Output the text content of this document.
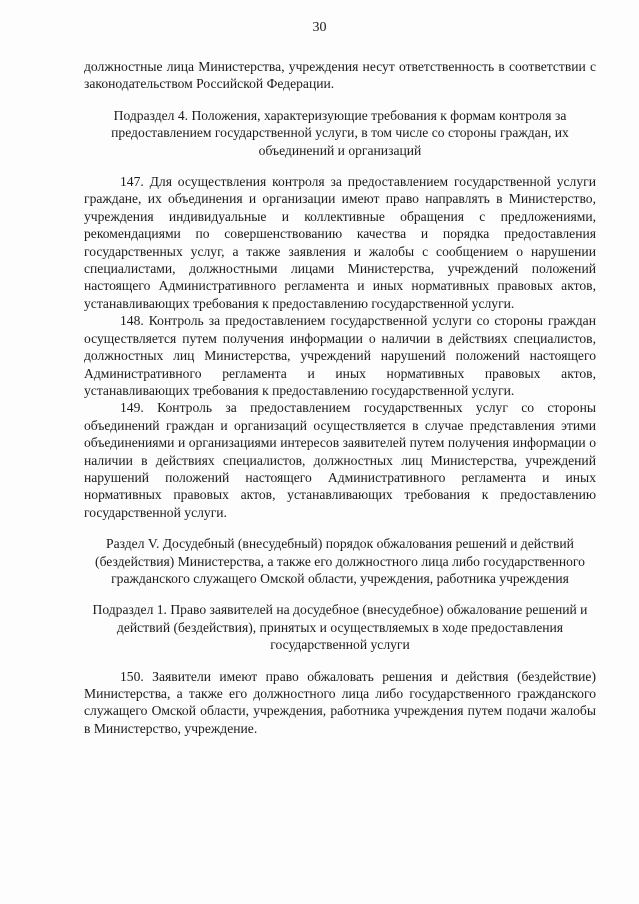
30

должностные лица Министерства, учреждения несут ответственность в соответствии с законодательством Российской Федерации.

Подраздел 4. Положения, характеризующие требования к формам контроля за предоставлением государственной услуги, в том числе со стороны граждан, их объединений и организаций

147. Для осуществления контроля за предоставлением государственной услуги граждане, их объединения и организации имеют право направлять в Министерство, учреждения индивидуальные и коллективные обращения с предложениями, рекомендациями по совершенствованию качества и порядка предоставления государственных услуг, а также заявления и жалобы с сообщением о нарушении специалистами, должностными лицами Министерства, учреждений положений настоящего Административного регламента и иных нормативных правовых актов, устанавливающих требования к предоставлению государственной услуги.

148. Контроль за предоставлением государственной услуги со стороны граждан осуществляется путем получения информации о наличии в действиях специалистов, должностных лиц Министерства, учреждений нарушений положений настоящего Административного регламента и иных нормативных правовых актов, устанавливающих требования к предоставлению государственной услуги.

149. Контроль за предоставлением государственных услуг со стороны объединений граждан и организаций осуществляется в случае представления этими объединениями и организациями интересов заявителей путем получения информации о наличии в действиях специалистов, должностных лиц Министерства, учреждений нарушений положений настоящего Административного регламента и иных нормативных правовых актов, устанавливающих требования к предоставлению государственной услуги.

Раздел V. Досудебный (внесудебный) порядок обжалования решений и действий (бездействия) Министерства, а также его должностного лица либо государственного гражданского служащего Омской области, учреждения, работника учреждения

Подраздел 1. Право заявителей на досудебное (внесудебное) обжалование решений и действий (бездействия), принятых и осуществляемых в ходе предоставления государственной услуги

150. Заявители имеют право обжаловать решения и действия (бездействие) Министерства, а также его должностного лица либо государственного гражданского служащего Омской области, учреждения, работника учреждения путем подачи жалобы в Министерство, учреждение.
